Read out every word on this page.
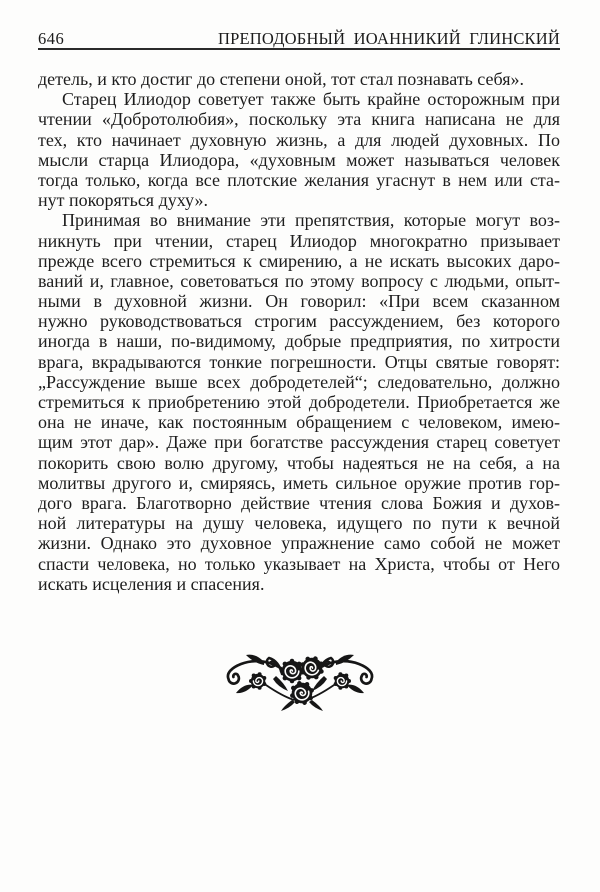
646	ПРЕПОДОБНЫЙ ИОАННИКИЙ ГЛИНСКИЙ
детель, и кто достиг до степени оной, тот стал познавать себя».
Старец Илиодор советует также быть крайне осторожным при
чтении «Добротолюбия», поскольку эта книга написана не для
тех, кто начинает духовную жизнь, а для людей духовных. По
мысли старца Илиодора, «духовным может называться человек
тогда только, когда все плотские желания угаснут в нем или ста-
нут покоряться духу».
Принимая во внимание эти препятствия, которые могут воз-
никнуть при чтении, старец Илиодор многократно призывает
прежде всего стремиться к смирению, а не искать высоких даро-
ваний и, главное, советоваться по этому вопросу с людьми, опыт-
ными в духовной жизни. Он говорил: «При всем сказанном
нужно руководствоваться строгим рассуждением, без которого
иногда в наши, по-видимому, добрые предприятия, по хитрости
врага, вкрадываются тонкие погрешности. Отцы святые говорят:
„Рассуждение выше всех добродетелей“; следовательно, должно
стремиться к приобретению этой добродетели. Приобретается же
она не иначе, как постоянным обращением с человеком, имею-
щим этот дар». Даже при богатстве рассуждения старец советует
покорить свою волю другому, чтобы надеяться не на себя, а на
молитвы другого и, смиряясь, иметь сильное оружие против гор-
дого врага. Благотворно действие чтения слова Божия и духов-
ной литературы на душу человека, идущего по пути к вечной
жизни. Однако это духовное упражнение само собой не может
спасти человека, но только указывает на Христа, чтобы от Него
искать исцеления и спасения.
